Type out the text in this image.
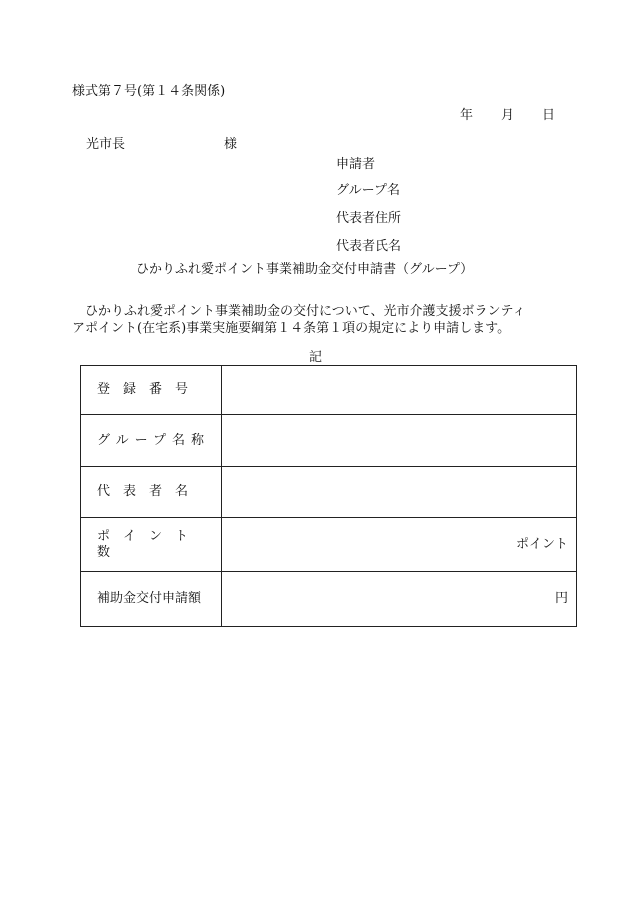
様式第７号(第１４条関係)
年 月 日
光市長	様
申請者
グループ名
代表者住所
代表者氏名
ひかりふれ愛ポイント事業補助金交付申請書（グループ）

　ひかりふれ愛ポイント事業補助金の交付について、光市介護支援ボランティ

アポイント(在宅系)事業実施要綱第１４条第１項の規定により申請します。

記
登録番号	
グループ名称	
代表者名	
ポイント数	ポイント
補助金交付申請額	円
